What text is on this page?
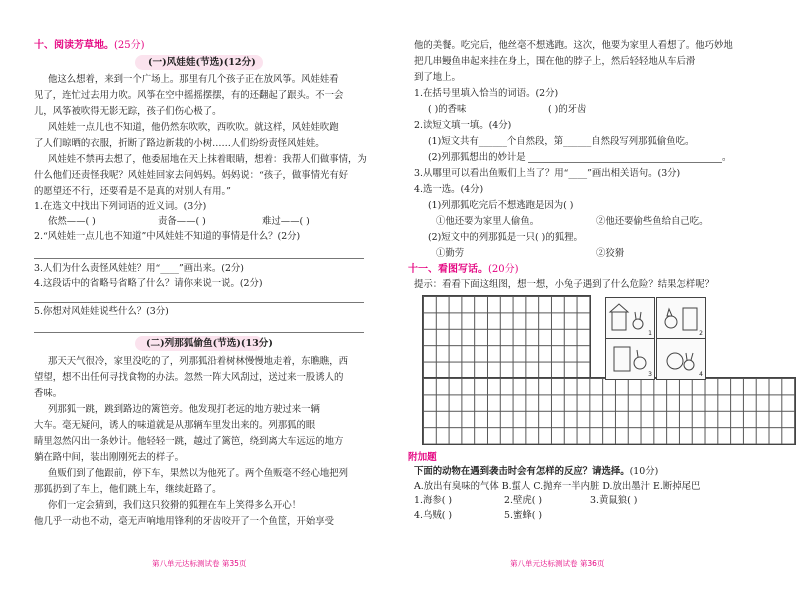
十、阅读芳草地。(25分)
(一)风娃娃(节选)(12分)
他这么想着，来到一个广场上。那里有几个孩子正在放风筝。风娃娃看
见了，连忙过去用力吹。风筝在空中摇摇摆摆，有的还翻起了跟头。不一会
儿，风筝被吹得无影无踪，孩子们伤心极了。
风娃娃一点儿也不知道，他仍然东吹吹，西吹吹。就这样，风娃娃吹跑
了人们晾晒的衣服，折断了路边新栽的小树……人们纷纷责怪风娃娃。
风娃娃不禁再去想了，他委屈地在天上抹着眼睛，想着：我帮人们做事情，为
什么他们还责怪我呢？风娃娃回家去问妈妈。妈妈说：“孩子，做事情光有好
的愿望还不行，还要看是不是真的对别人有用。”
1.在选文中找出下列词语的近义词。(3分)
依然——( )	责备——( )	难过——( )
2.“风娃娃一点儿也不知道”中风娃娃不知道的事情是什么？(2分)
3.人们为什么责怪风娃娃？用“____”画出来。(2分)
4.这段话中的省略号省略了什么？请你来说一说。(2分)
5.你想对风娃娃说些什么？(3分)
(二)列那狐偷鱼(节选)(13分)
那天天气很冷，家里没吃的了，列那狐沿着树林慢慢地走着，东瞧瞧，西
望望，想不出任何寻找食物的办法。忽然一阵大风刮过，送过来一股诱人的
香味。
列那狐一跳，跳到路边的篱笆旁。他发现打老远的地方驶过来一辆
大车。毫无疑问，诱人的味道就是从那辆车里发出来的。列那狐的眼
睛里忽然闪出一条妙计。他轻轻一跳，越过了篱笆，绕到离大车远远的地方
躺在路中间，装出刚刚死去的样子。
鱼贩们到了他跟前，停下车，果然以为他死了。两个鱼贩毫不经心地把列
那狐扔到了车上，他们跳上车，继续赶路了。
你们一定会猜到，我们这只狡猾的狐狸在车上笑得多么开心！
他几乎一动也不动，毫无声响地用锋利的牙齿咬开了一个鱼筐，开始享受
第八单元达标测试卷 第35页
他的美餐。吃完后，他丝毫不想逃跑。这次，他要为家里人看想了。他巧妙地
把几串鳗鱼串起来挂在身上，围在他的脖子上，然后轻轻地从车后滑
到了地上。
1.在括号里填入恰当的词语。(2分)
( )的香味	( )的牙齿
2.读短文填一填。(4分)
(1)短文共有______个自然段，第______自然段写列那狐偷鱼吃。
(2)列那狐想出的妙计是	。
3.从哪里可以看出鱼贩们上当了？用“____”画出相关语句。(3分)
4.选一选。(4分)
(1)列那狐吃完后不想逃跑是因为( )
①他还要为家里人偷鱼。	②他还要偷些鱼给自己吃。
(2)短文中的列那狐是一只( )的狐狸。
①勤劳	②狡猾
十一、看图写话。(20分)
提示：看看下面这组图，想一想，小兔子遇到了什么危险？结果怎样呢？
1	2
3	4
附加题
下面的动物在遇到袭击时会有怎样的反应？请选择。(10分)
A.放出有臭味的气体 B.蜇人 C.抛弃一半内脏 D.放出墨汁 E.断掉尾巴
1.海参( )	2.壁虎( )	3.黄鼠狼( )
4.乌贼( )	5.蜜蜂( )
第八单元达标测试卷 第36页
